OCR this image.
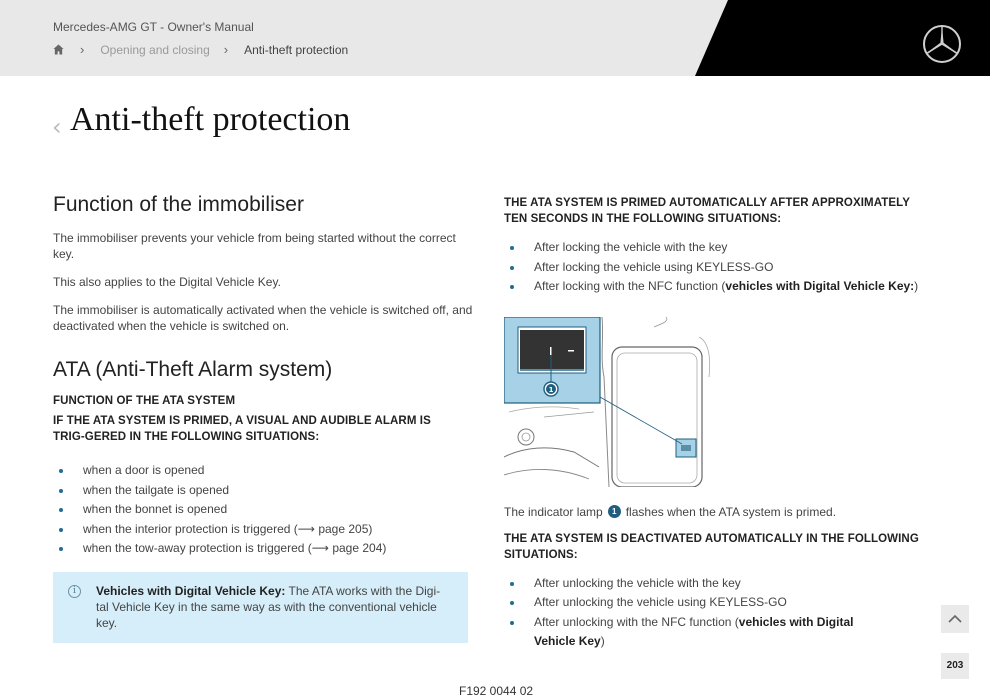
Mercedes-AMG GT - Owner's Manual
› Opening and closing › Anti-theft protection
‹ Anti-theft protection
Function of the immobiliser

The immobiliser prevents your vehicle from being started without the correct key.

This also applies to the Digital Vehicle Key.

The immobiliser is automatically activated when the vehicle is switched off, and deactivated when the vehicle is switched on.

ATA (Anti-Theft Alarm system)
FUNCTION OF THE ATA SYSTEM
IF THE ATA SYSTEM IS PRIMED, A VISUAL AND AUDIBLE ALARM IS TRIG-GERED IN THE FOLLOWING SITUATIONS:
when a door is opened
when the tailgate is opened
when the bonnet is opened
when the interior protection is triggered (⟶ page 205)
when the tow-away protection is triggered (⟶ page 204)
i	Vehicles with Digital Vehicle Key: The ATA works with the Digi-tal Vehicle Key in the same way as with the conventional vehicle key.
THE ATA SYSTEM IS PRIMED AUTOMATICALLY AFTER APPROXIMATELY TEN SECONDS IN THE FOLLOWING SITUATIONS:
After locking the vehicle with the key
After locking the vehicle using KEYLESS-GO
After locking with the NFC function (vehicles with Digital Vehicle Key:)

The indicator lamp	1 flashes when the ATA system is primed.

THE ATA SYSTEM IS DEACTIVATED AUTOMATICALLY IN THE FOLLOWING SITUATIONS:
After unlocking the vehicle with the key
After unlocking the vehicle using KEYLESS-GO
After unlocking with the NFC function (vehicles with Digital Vehicle Key)
1
F192 0044 02
203
